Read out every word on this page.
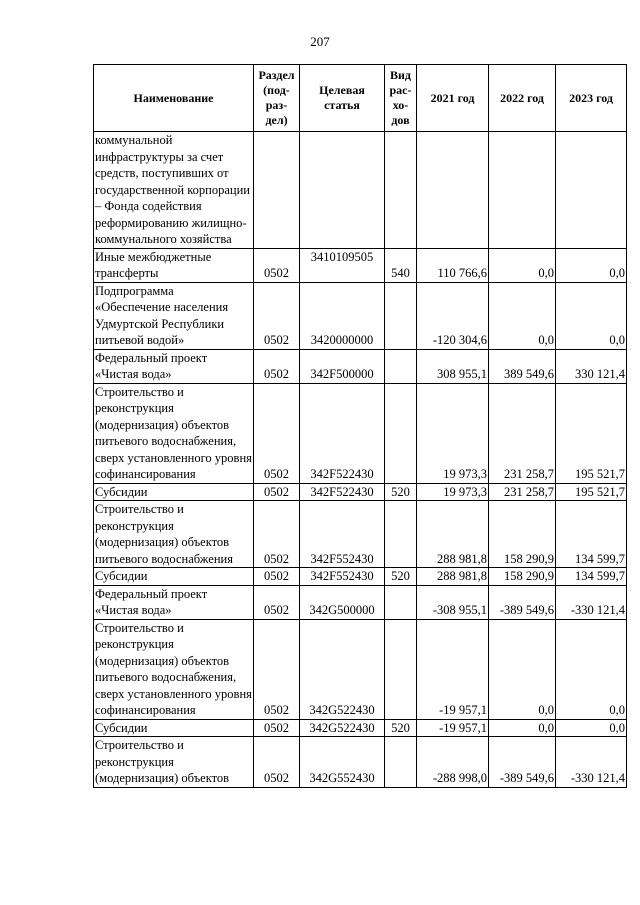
207
Наименование	Раздел (под-раз-дел)	Целевая статья	Вид рас-хо-дов	2021 год	2022 год	2023 год
коммунальной инфраструктуры за счет средств, поступивших от государственной корпорации – Фонда содействия реформированию жилищно-коммунального хозяйства						
Иные межбюджетные трансферты	0502	3410109505	540	110 766,6	0,0	0,0
Подпрограмма «Обеспечение населения Удмуртской Республики питьевой водой»	0502	3420000000		-120 304,6	0,0	0,0
Федеральный проект «Чистая вода»	0502	342F500000		308 955,1	389 549,6	330 121,4
Строительство и реконструкция (модернизация) объектов питьевого водоснабжения, сверх установленного уровня софинансирования	0502	342F522430		19 973,3	231 258,7	195 521,7
Субсидии	0502	342F522430	520	19 973,3	231 258,7	195 521,7
Строительство и реконструкция (модернизация) объектов питьевого водоснабжения	0502	342F552430		288 981,8	158 290,9	134 599,7
Субсидии	0502	342F552430	520	288 981,8	158 290,9	134 599,7
Федеральный проект «Чистая вода»	0502	342G500000		-308 955,1	-389 549,6	-330 121,4
Строительство и реконструкция (модернизация) объектов питьевого водоснабжения, сверх установленного уровня софинансирования	0502	342G522430		-19 957,1	0,0	0,0
Субсидии	0502	342G522430	520	-19 957,1	0,0	0,0
Строительство и реконструкция (модернизация) объектов	0502	342G552430		-288 998,0	-389 549,6	-330 121,4
